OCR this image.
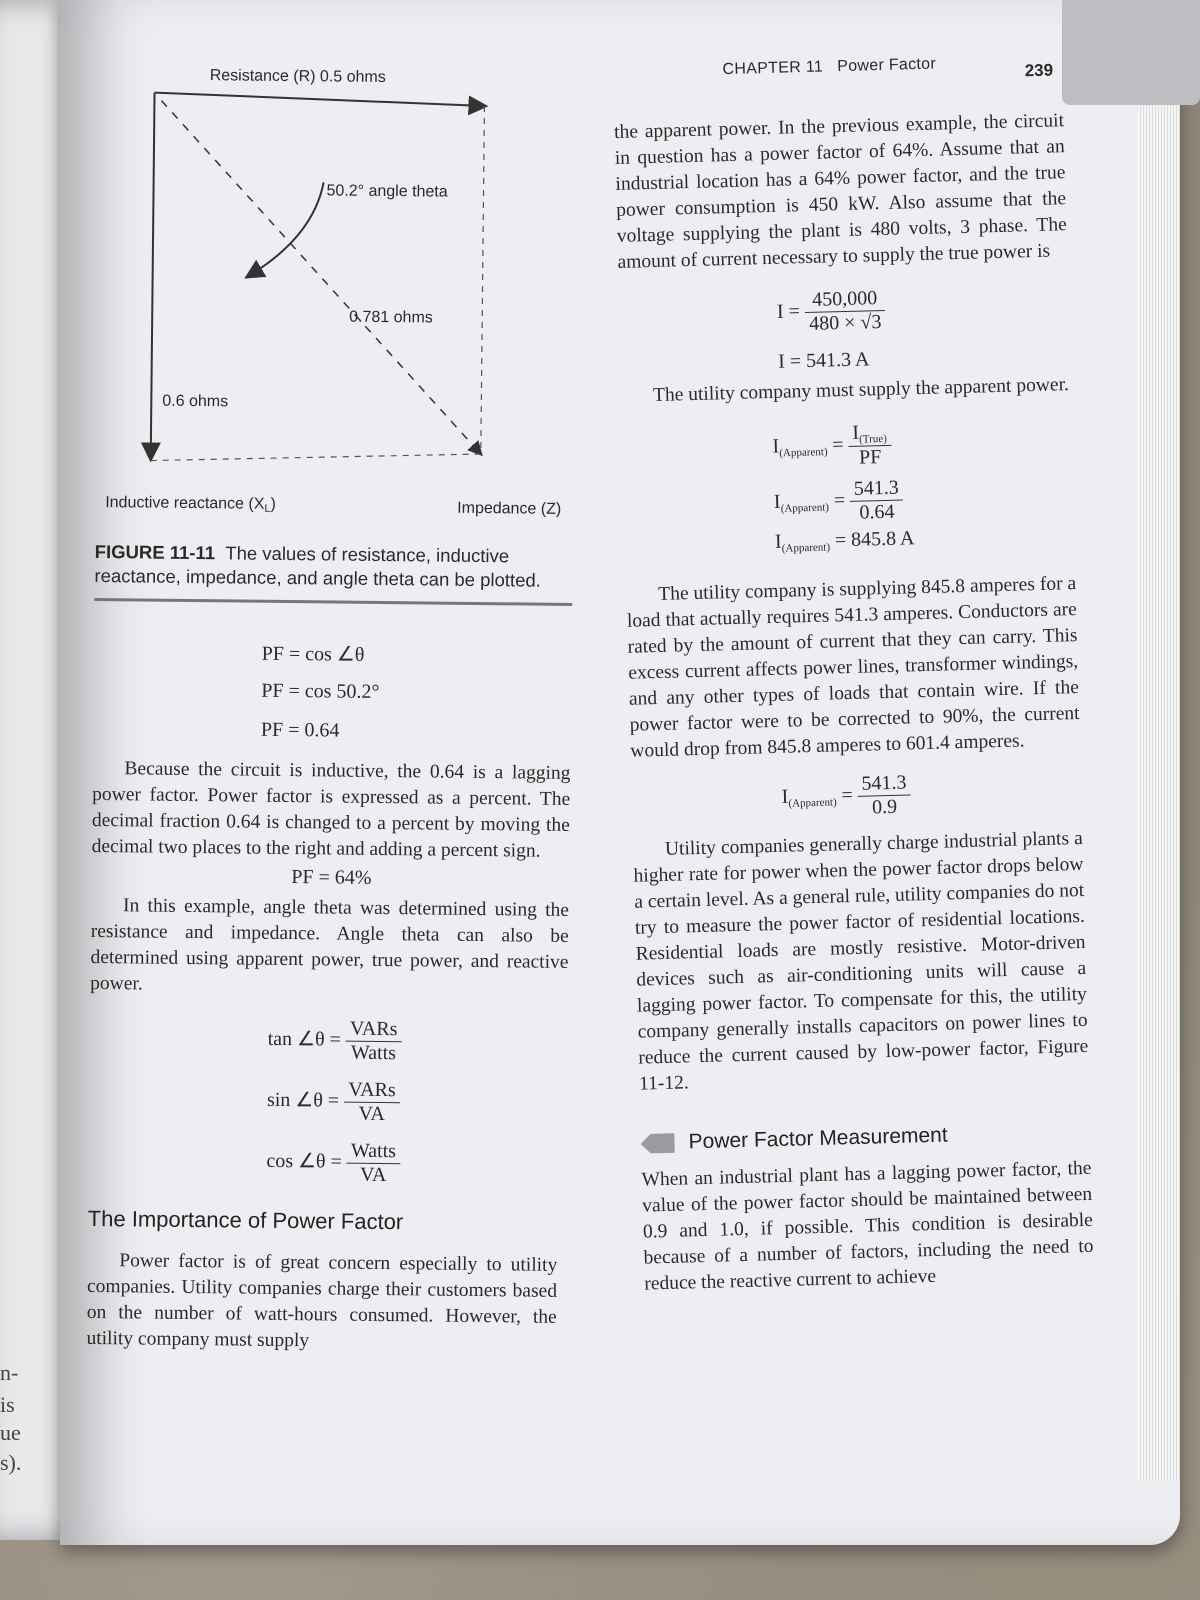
n-
is
ue
s).
Resistance (R) 0.5 ohms
50.2° angle theta
0.781 ohms
0.6 ohms
Inductive reactance (XL)	Impedance (Z)
FIGURE 11-11 The values of resistance, inductive reactance, impedance, and angle theta can be plotted.
PF = cos ∠θ
PF = cos 50.2°
PF = 0.64

Because the circuit is inductive, the 0.64 is a lagging power factor. Power factor is expressed as a percent. The decimal fraction 0.64 is changed to a percent by moving the decimal two places to the right and adding a percent sign.

PF = 64%

In this example, angle theta was determined using the resistance and impedance. Angle theta can also be determined using apparent power, true power, and reactive power.

tan ∠θ = $\frac{\text{VARs}}{\text{Watts}}$
sin ∠θ = $\frac{\text{VARs}}{VA}$
cos ∠θ = $\frac{\text{Watts}}{VA}$
The Importance of Power Factor

Power factor is of great concern especially to utility companies. Utility companies charge their customers based on the number of watt-hours consumed. However, the utility company must supply

CHAPTER 11 Power Factor	239

the apparent power. In the previous example, the circuit in question has a power factor of 64%. Assume that an industrial location has a 64% power factor, and the true power consumption is 450 kW. Also assume that the voltage supplying the plant is 480 volts, 3 phase. The amount of current necessary to supply the true power is

$I = \frac{450,000}{480 \times √3}$
I = 541.3 A

The utility company must supply the apparent power.

$I_{(Apparent)} = \frac{I_{(True)}}{PF}$
$I_{(Apparent)} = \frac{541.3}{0.64}$
$I_{(Apparent)} = 845.8$ A

The utility company is supplying 845.8 amperes for a load that actually requires 541.3 amperes. Conductors are rated by the amount of current that they can carry. This excess current affects power lines, transformer windings, and any other types of loads that contain wire. If the power factor were to be corrected to 90%, the current would drop from 845.8 amperes to 601.4 amperes.

$I_{(Apparent)} = \frac{541.3}{0.9}$

Utility companies generally charge industrial plants a higher rate for power when the power factor drops below a certain level. As a general rule, utility companies do not try to measure the power factor of residential locations. Residential loads are mostly resistive. Motor-driven devices such as air-conditioning units will cause a lagging power factor. To compensate for this, the utility company generally installs capacitors on power lines to reduce the current caused by low-power factor, Figure 11-12.

Power Factor Measurement

When an industrial plant has a lagging power factor, the value of the power factor should be maintained between 0.9 and 1.0, if possible. This condition is desirable because of a number of factors, including the need to reduce the reactive current to achieve
